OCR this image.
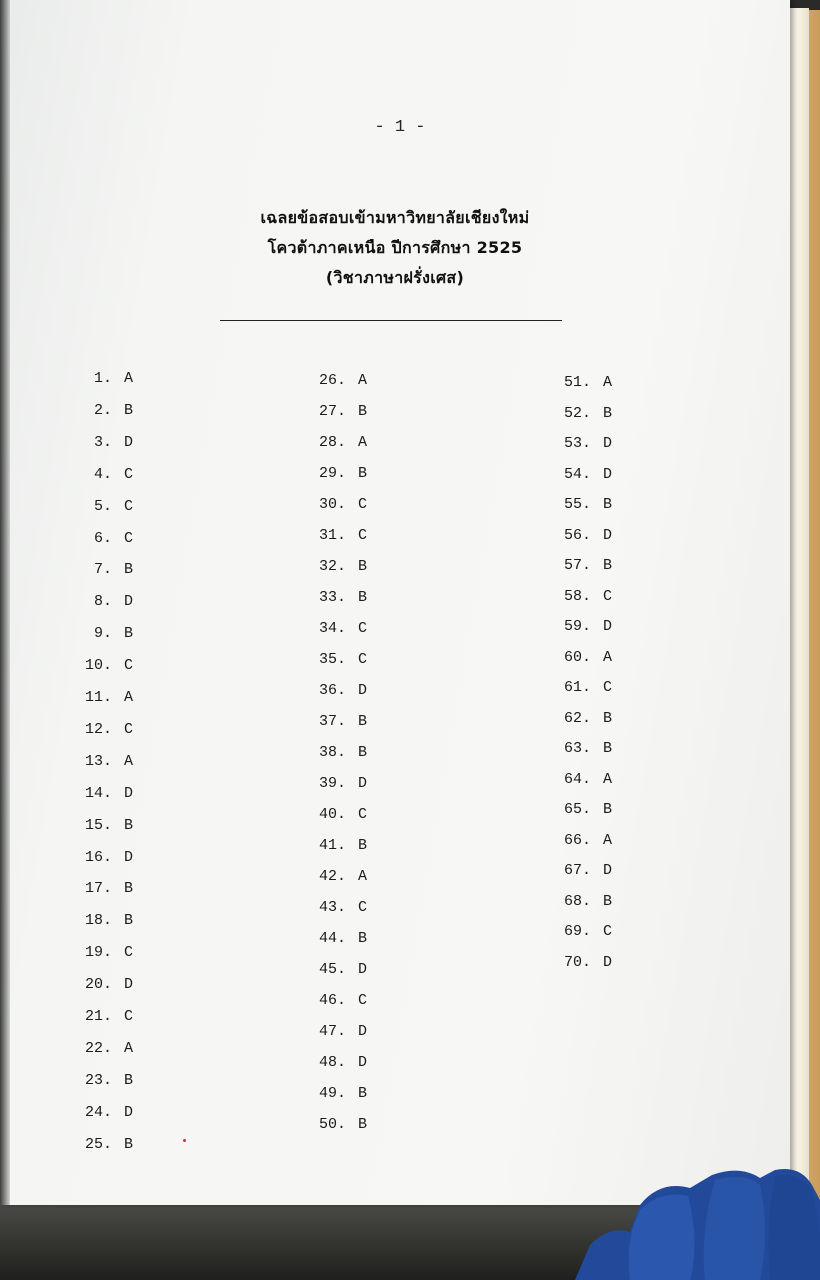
- 1 -
เฉลยข้อสอบเข้ามหาวิทยาลัยเชียงใหม่
โควต้าภาคเหนือ ปีการศึกษา 2525
(วิชาภาษาฝรั่งเศส)
1. A
2. B
3. D
4. C
5. C
6. C
7. B
8. D
9. B
10. C
11. A
12. C
13. A
14. D
15. B
16. D
17. B
18. B
19. C
20. D
21. C
22. A
23. B
24. D
25. B
26. A
27. B
28. A
29. B
30. C
31. C
32. B
33. B
34. C
35. C
36. D
37. B
38. B
39. D
40. C
41. B
42. A
43. C
44. B
45. D
46. C
47. D
48. D
49. B
50. B
51. A
52. B
53. D
54. D
55. B
56. D
57. B
58. C
59. D
60. A
61. C
62. B
63. B
64. A
65. B
66. A
67. D
68. B
69. C
70. D
